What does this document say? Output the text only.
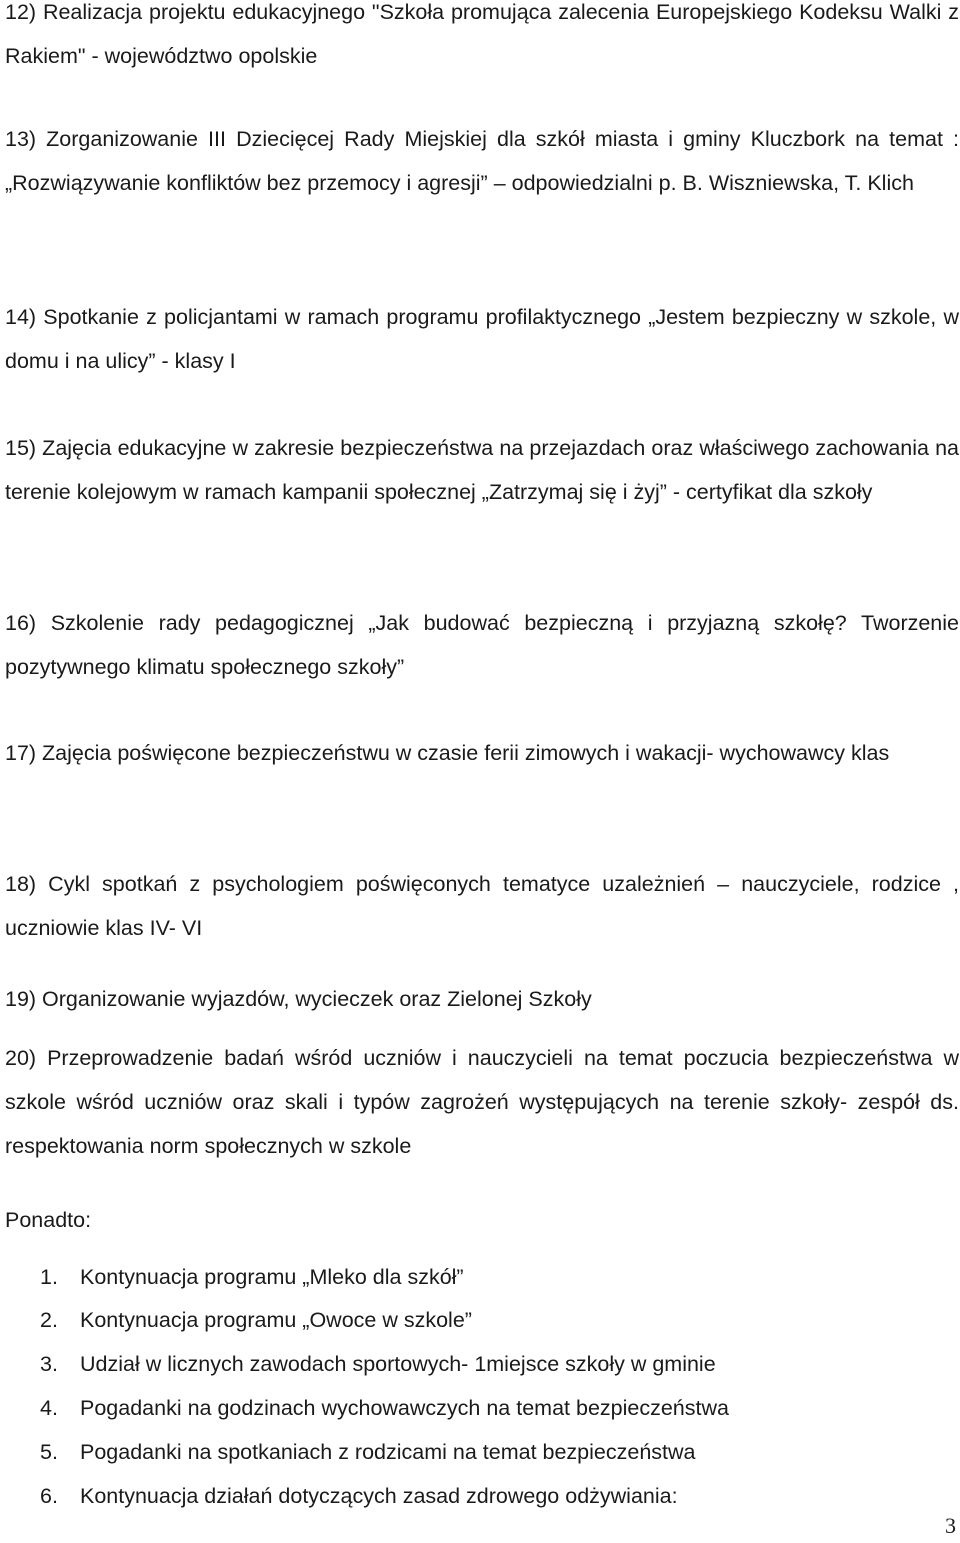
12) Realizacja projektu edukacyjnego "Szkoła promująca zalecenia Europejskiego Kodeksu Walki z Rakiem" - województwo opolskie

13) Zorganizowanie III Dziecięcej Rady Miejskiej dla szkół miasta i gminy Kluczbork na temat : „Rozwiązywanie konfliktów bez przemocy i agresji” – odpowiedzialni p. B. Wiszniewska, T. Klich

14) Spotkanie z policjantami w ramach programu profilaktycznego „Jestem bezpieczny w szkole, w domu i na ulicy” - klasy I

15) Zajęcia edukacyjne w zakresie bezpieczeństwa na przejazdach oraz właściwego zachowania na terenie kolejowym w ramach kampanii społecznej „Zatrzymaj się i żyj” - certyfikat dla szkoły

16) Szkolenie rady pedagogicznej „Jak budować bezpieczną i przyjazną szkołę? Tworzenie pozytywnego klimatu społecznego szkoły”

17) Zajęcia poświęcone bezpieczeństwu w czasie ferii zimowych i wakacji- wychowawcy klas

18) Cykl spotkań z psychologiem poświęconych tematyce uzależnień – nauczyciele, rodzice , uczniowie klas IV- VI

19) Organizowanie wyjazdów, wycieczek oraz Zielonej Szkoły

20) Przeprowadzenie badań wśród uczniów i nauczycieli na temat poczucia bezpieczeństwa w szkole wśród uczniów oraz skali i typów zagrożeń występujących na terenie szkoły- zespół ds. respektowania norm społecznych w szkole

Ponadto:

1. Kontynuacja programu „Mleko dla szkół”

2. Kontynuacja programu „Owoce w szkole”

3. Udział w licznych zawodach sportowych- 1miejsce szkoły w gminie

4. Pogadanki na godzinach wychowawczych na temat bezpieczeństwa

5. Pogadanki na spotkaniach z rodzicami na temat bezpieczeństwa

6. Kontynuacja działań dotyczących zasad zdrowego odżywiania:

3
